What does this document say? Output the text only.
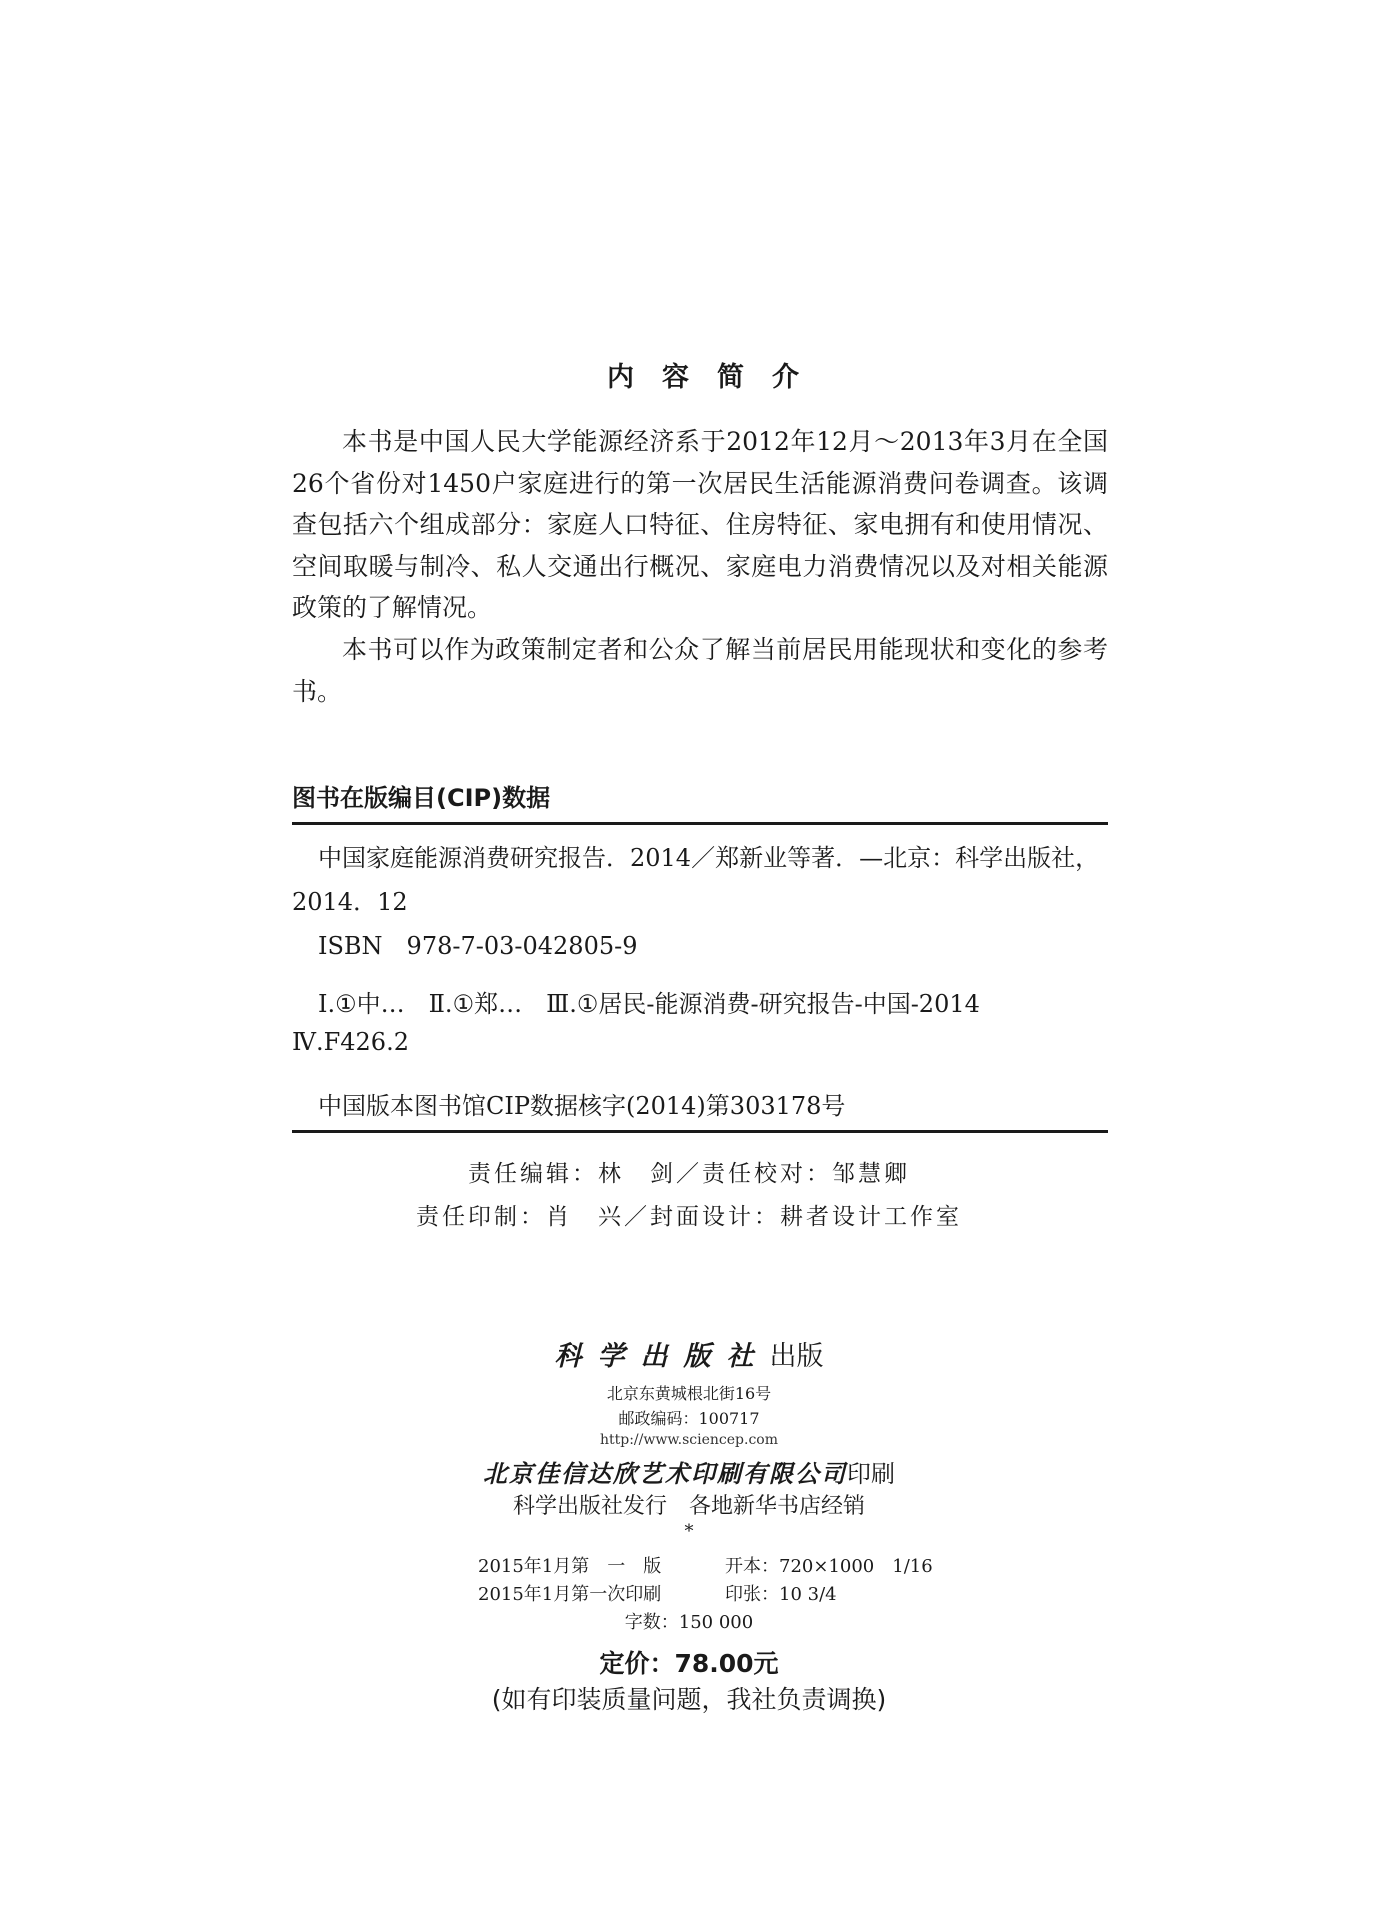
内容简介

本书是中国人民大学能源经济系于2012年12月～2013年3月在全国26个省份对1450户家庭进行的第一次居民生活能源消费问卷调查。该调查包括六个组成部分：家庭人口特征、住房特征、家电拥有和使用情况、空间取暖与制冷、私人交通出行概况、家庭电力消费情况以及对相关能源政策的了解情况。

本书可以作为政策制定者和公众了解当前居民用能现状和变化的参考书。

图书在版编目(CIP)数据
中国家庭能源消费研究报告．2014／郑新业等著．—北京：科学出版社，
2014．12
ISBN　978-7-03-042805-9
Ⅰ.①中…　Ⅱ.①郑…　Ⅲ.①居民-能源消费-研究报告-中国-2014
Ⅳ.F426.2
中国版本图书馆CIP数据核字(2014)第303178号
责任编辑：林　剑／责任校对：邹慧卿
责任印制：肖　兴／封面设计：耕者设计工作室
科学出版社出版
北京东黄城根北街16号
邮政编码：100717
http://www.sciencep.com
北京佳信达欣艺术印刷有限公司印刷
科学出版社发行　各地新华书店经销
*
2015年1月第　一　版	开本：720×1000　1/16
2015年1月第一次印刷	印张：10 3/4
字数：150 000
定价：78.00元
(如有印装质量问题，我社负责调换)
